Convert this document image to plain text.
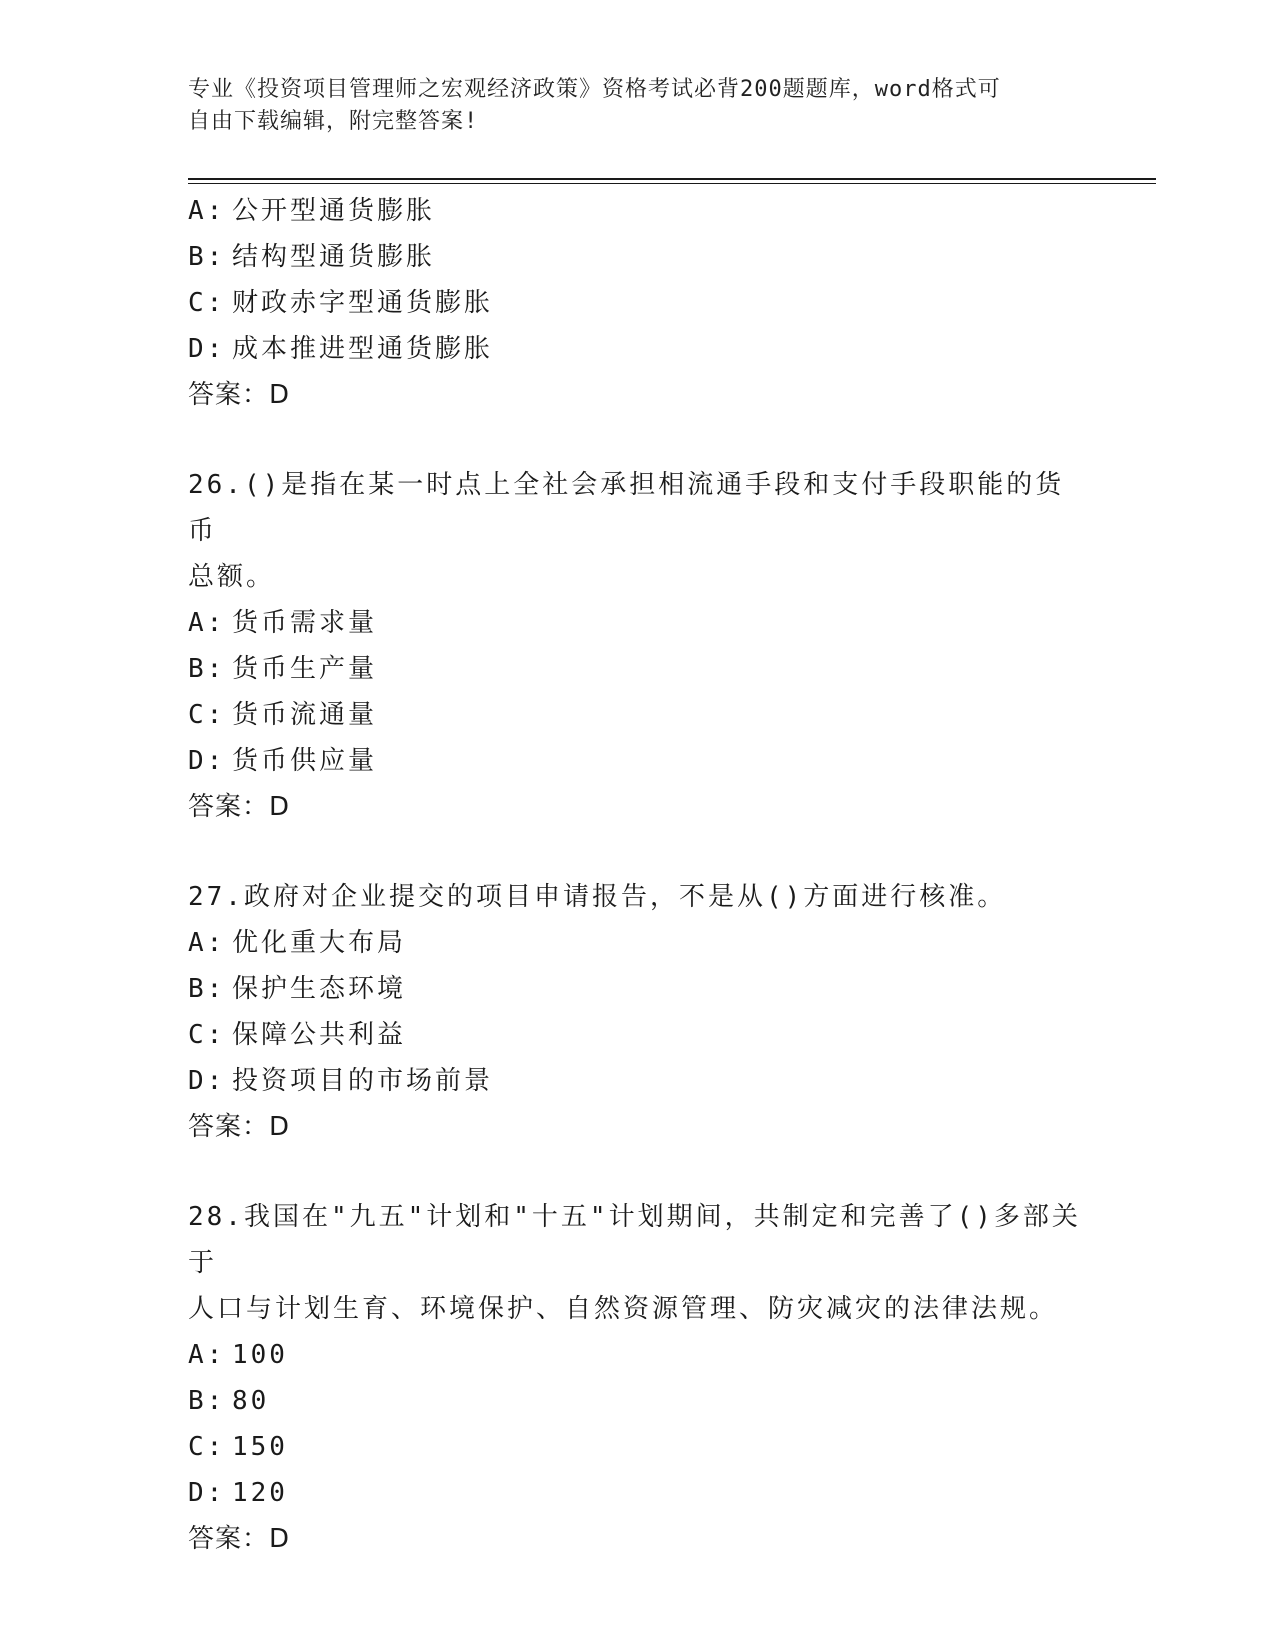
专业《投资项目管理师之宏观经济政策》资格考试必背200题题库，word格式可
自由下载编辑，附完整答案!
A: 公开型通货膨胀
B: 结构型通货膨胀
C: 财政赤字型通货膨胀
D: 成本推进型通货膨胀
答案：D
26.()是指在某一时点上全社会承担相流通手段和支付手段职能的货币
总额。
A: 货币需求量
B: 货币生产量
C: 货币流通量
D: 货币供应量
答案：D
27.政府对企业提交的项目申请报告，不是从()方面进行核准。
A: 优化重大布局
B: 保护生态环境
C: 保障公共利益
D: 投资项目的市场前景
答案：D
28.我国在"九五"计划和"十五"计划期间，共制定和完善了()多部关于
人口与计划生育、环境保护、自然资源管理、防灾减灾的法律法规。
A: 100
B: 80
C: 150
D: 120
答案：D
